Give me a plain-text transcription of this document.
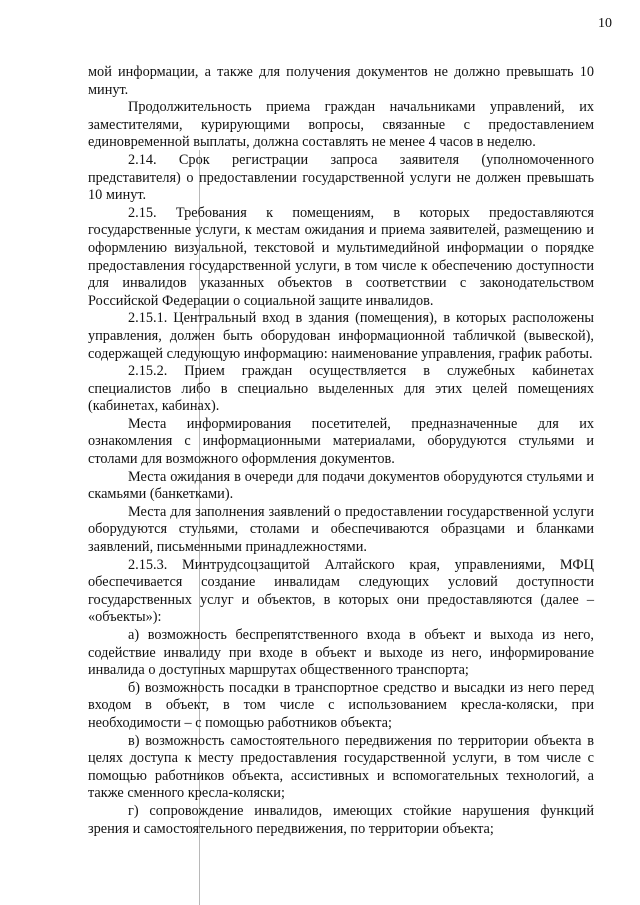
10

мой информации, а также для получения документов не должно превышать 10 минут.

Продолжительность приема граждан начальниками управлений, их заместителями, курирующими вопросы, связанные с предоставлением единовременной выплаты, должна составлять не менее 4 часов в неделю.

2.14. Срок регистрации запроса заявителя (уполномоченного представителя) о предоставлении государственной услуги не должен превышать 10 минут.

2.15. Требования к помещениям, в которых предоставляются государственные услуги, к местам ожидания и приема заявителей, размещению и оформлению визуальной, текстовой и мультимедийной информации о порядке предоставления государственной услуги, в том числе к обеспечению доступности для инвалидов указанных объектов в соответствии с законодательством Российской Федерации о социальной защите инвалидов.

2.15.1. Центральный вход в здания (помещения), в которых расположены управления, должен быть оборудован информационной табличкой (вывеской), содержащей следующую информацию: наименование управления, график работы.

2.15.2. Прием граждан осуществляется в служебных кабинетах специалистов либо в специально выделенных для этих целей помещениях (кабинетах, кабинах).

Места информирования посетителей, предназначенные для их ознакомления с информационными материалами, оборудуются стульями и столами для возможного оформления документов.

Места ожидания в очереди для подачи документов оборудуются стульями и скамьями (банкетками).

Места для заполнения заявлений о предоставлении государственной услуги оборудуются стульями, столами и обеспечиваются образцами и бланками заявлений, письменными принадлежностями.

2.15.3. Минтрудсоцзащитой Алтайского края, управлениями, МФЦ обеспечивается создание инвалидам следующих условий доступности государственных услуг и объектов, в которых они предоставляются (далее – «объекты»):

а) возможность беспрепятственного входа в объект и выхода из него, содействие инвалиду при входе в объект и выходе из него, информирование инвалида о доступных маршрутах общественного транспорта;

б) возможность посадки в транспортное средство и высадки из него перед входом в объект, в том числе с использованием кресла-коляски, при необходимости – с помощью работников объекта;

в) возможность самостоятельного передвижения по территории объекта в целях доступа к месту предоставления государственной услуги, в том числе с помощью работников объекта, ассистивных и вспомогательных технологий, а также сменного кресла-коляски;

г) сопровождение инвалидов, имеющих стойкие нарушения функций зрения и самостоятельного передвижения, по территории объекта;
